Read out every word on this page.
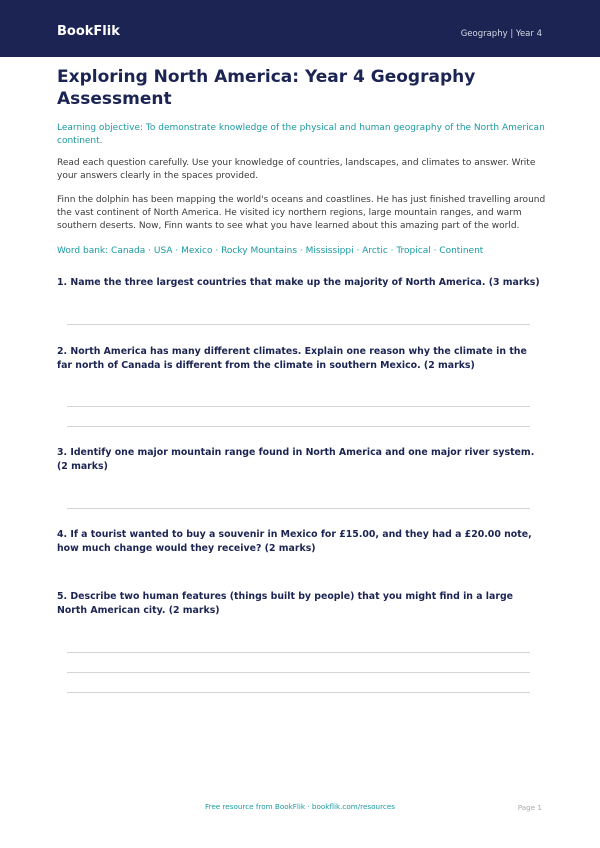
BookFlik	Geography | Year 4
Exploring North America: Year 4 Geography Assessment
Learning objective: To demonstrate knowledge of the physical and human geography of the North American continent.
Read each question carefully. Use your knowledge of countries, landscapes, and climates to answer. Write your answers clearly in the spaces provided.
Finn the dolphin has been mapping the world's oceans and coastlines. He has just finished travelling around the vast continent of North America. He visited icy northern regions, large mountain ranges, and warm southern deserts. Now, Finn wants to see what you have learned about this amazing part of the world.
Word bank: Canada · USA · Mexico · Rocky Mountains · Mississippi · Arctic · Tropical · Continent
1. Name the three largest countries that make up the majority of North America. (3 marks)
2. North America has many different climates. Explain one reason why the climate in the far north of Canada is different from the climate in southern Mexico. (2 marks)
3. Identify one major mountain range found in North America and one major river system. (2 marks)
4. If a tourist wanted to buy a souvenir in Mexico for £15.00, and they had a £20.00 note, how much change would they receive? (2 marks)
5. Describe two human features (things built by people) that you might find in a large North American city. (2 marks)
Free resource from BookFlik · bookflik.com/resources	Page 1
